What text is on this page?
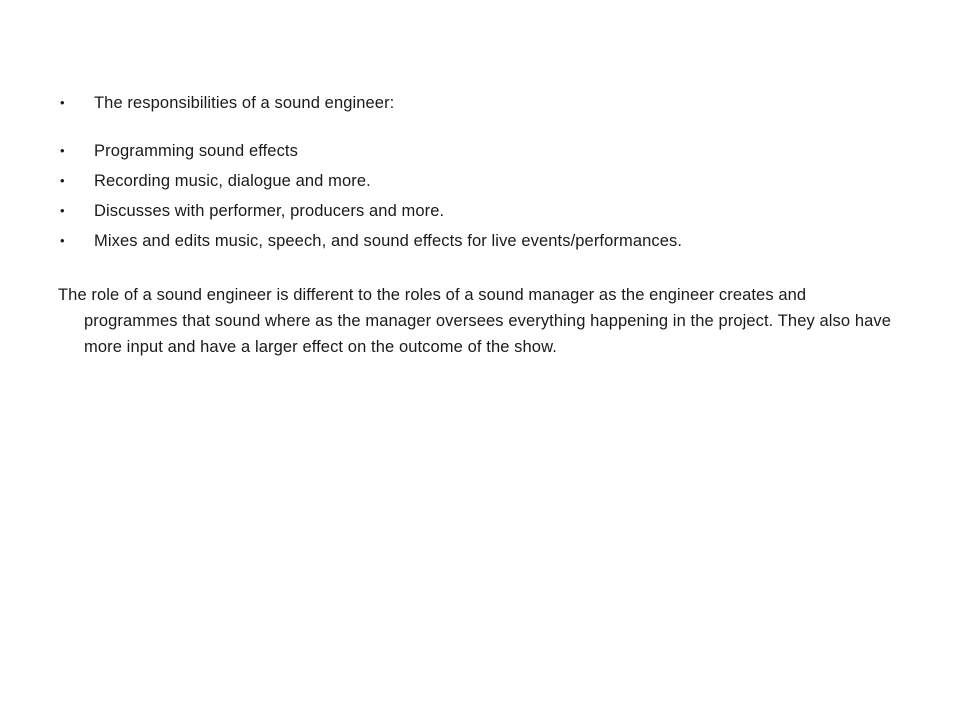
• The responsibilities of a sound engineer:
• Programming sound effects
• Recording music, dialogue and more.
• Discusses with performer, producers and more.
• Mixes and edits music, speech, and sound effects for live events/performances.

The role of a sound engineer is different to the roles of a sound manager as the engineer creates and programmes that sound where as the manager oversees everything happening in the project. They also have more input and have a larger effect on the outcome of the show.
